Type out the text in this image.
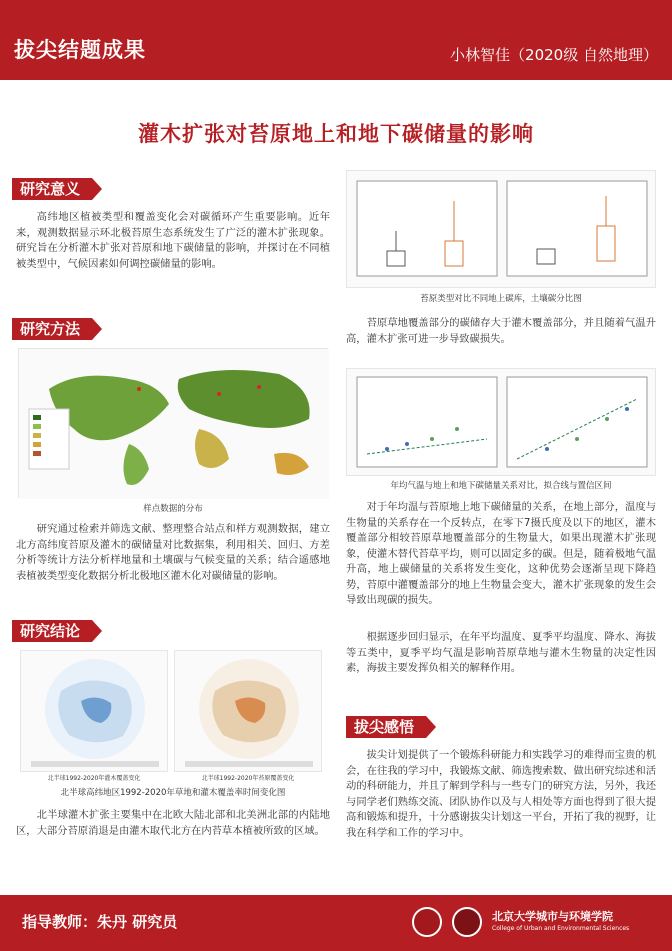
拔尖结题成果	小林智佳（2020级 自然地理）
灌木扩张对苔原地上和地下碳储量的影响
研究意义
高纬地区植被类型和覆盖变化会对碳循环产生重要影响。近年来，观测数据显示环北极苔原生态系统发生了广泛的灌木扩张现象。研究旨在分析灌木扩张对苔原和地下碳储量的影响，并探讨在不同植被类型中，气候因素如何调控碳储量的影响。
研究方法
样点数据的分布
研究通过检索并筛选文献、整理整合站点和样方观测数据，建立北方高纬度苔原及灌木的碳储量对比数据集，利用相关、回归、方差分析等统计方法分析样地量和土壤碳与气候变量的关系；结合遥感地表植被类型变化数据分析北极地区灌木化对碳储量的影响。
研究结论
北半球1992-2020年灌木覆盖变化	北半球1992-2020年苔原覆盖变化
北半球高纬地区1992-2020年草地和灌木覆盖率时间变化图
北半球灌木扩张主要集中在北欧大陆北部和北美洲北部的内陆地区，大部分苔原消退是由灌木取代北方在内苔草本植被所致的区域。
苔原类型对比不同地上碳库，土壤碳分比图
苔原草地覆盖部分的碳储存大于灌木覆盖部分，并且随着气温升高，灌木扩张可进一步导致碳损失。
年均气温与地上和地下碳储量关系对比，拟合线与置信区间
对于年均温与苔原地上地下碳储量的关系，在地上部分，温度与生物量的关系存在一个反转点，在零下7摄氏度及以下的地区，灌木覆盖部分相较苔原草地覆盖部分的生物量大，如果出现灌木扩张现象，使灌木替代苔草平均，则可以固定多的碳。但是，随着极地气温升高，地上碳储量的关系将发生变化，这种优势会逐渐呈现下降趋势，苔原中灌覆盖部分的地上生物量会变大，灌木扩张现象的发生会导致出现碳的损失。
根据逐步回归显示，在年平均温度、夏季平均温度、降水、海拔等五类中，夏季平均气温是影响苔原草地与灌木生物量的决定性因素，海拔主要发挥负相关的解释作用。
拔尖感悟
拔尖计划提供了一个锻炼科研能力和实践学习的难得而宝贵的机会，在往我的学习中，我锻炼文献、筛选搜索数、做出研究综述和活动的科研能力，并且了解到学科与一些专门的研究方法，另外，我还与同学老们熟练交流、团队协作以及与人相处等方面也得到了很大提高和锻炼和提升，十分感谢拔尖计划这一平台，开拓了我的视野，让我在科学和工作的学习中。
指导教师：朱丹 研究员	北京大学城市与环境学院
College of Urban and Environmental Sciences
